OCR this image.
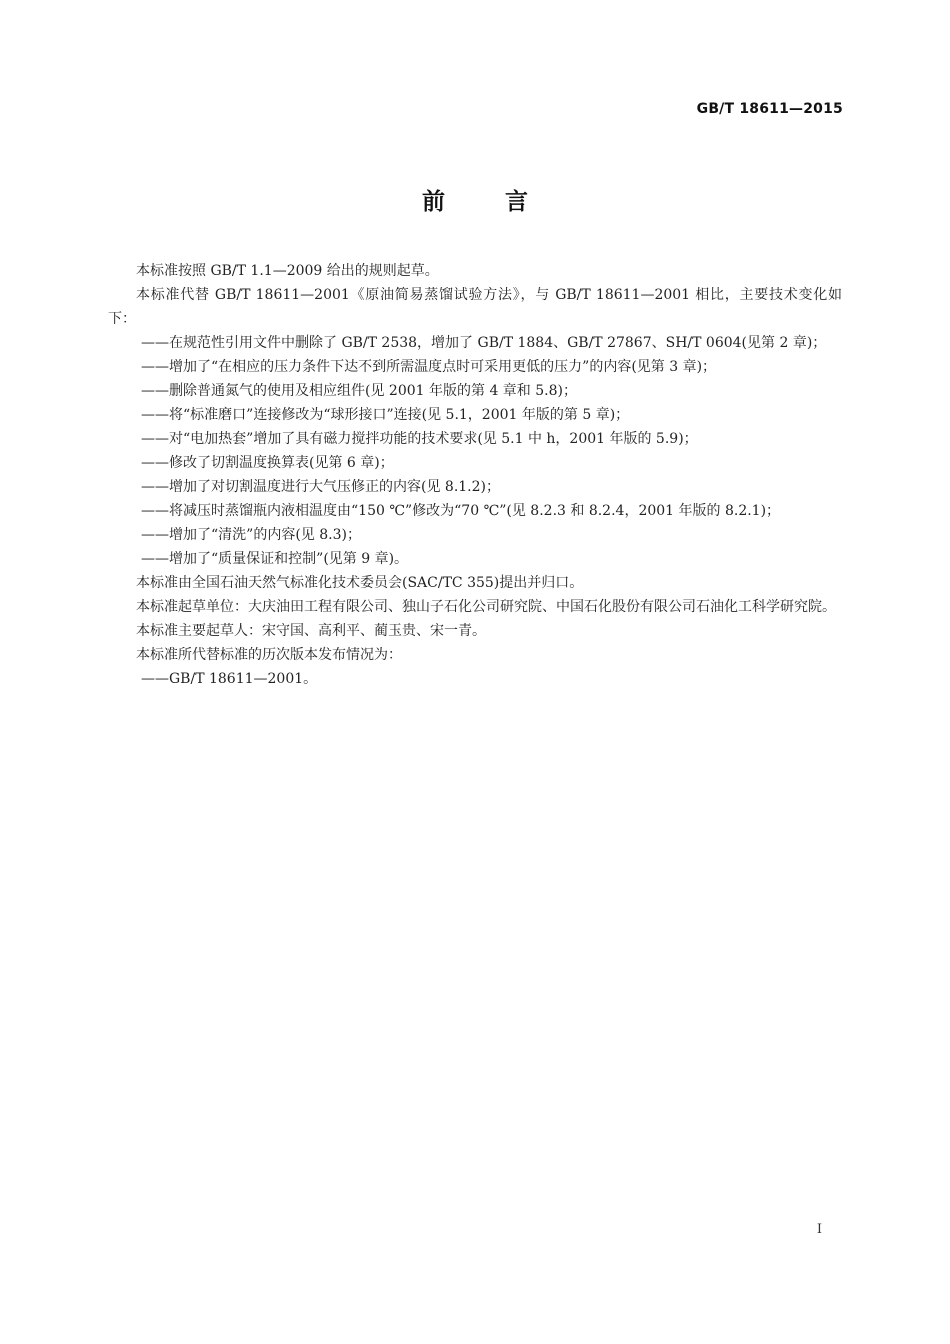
GB/T 18611—2015
前言

本标准按照 GB/T 1.1—2009 给出的规则起草。

本标准代替 GB/T 18611—2001《原油简易蒸馏试验方法》，与 GB/T 18611—2001 相比，主要技术变化如下：

——在规范性引用文件中删除了 GB/T 2538，增加了 GB/T 1884、GB/T 27867、SH/T 0604(见第 2 章)；

——增加了“在相应的压力条件下达不到所需温度点时可采用更低的压力”的内容(见第 3 章)；

——删除普通氮气的使用及相应组件(见 2001 年版的第 4 章和 5.8)；

——将“标准磨口”连接修改为“球形接口”连接(见 5.1，2001 年版的第 5 章)；

——对“电加热套”增加了具有磁力搅拌功能的技术要求(见 5.1 中 h，2001 年版的 5.9)；

——修改了切割温度换算表(见第 6 章)；

——增加了对切割温度进行大气压修正的内容(见 8.1.2)；

——将减压时蒸馏瓶内液相温度由“150 ℃”修改为“70 ℃”(见 8.2.3 和 8.2.4，2001 年版的 8.2.1)；

——增加了“清洗”的内容(见 8.3)；

——增加了“质量保证和控制”(见第 9 章)。

本标准由全国石油天然气标准化技术委员会(SAC/TC 355)提出并归口。

本标准起草单位：大庆油田工程有限公司、独山子石化公司研究院、中国石化股份有限公司石油化工科学研究院。

本标准主要起草人：宋守国、高利平、蔺玉贵、宋一青。

本标准所代替标准的历次版本发布情况为：

——GB/T 18611—2001。

I
